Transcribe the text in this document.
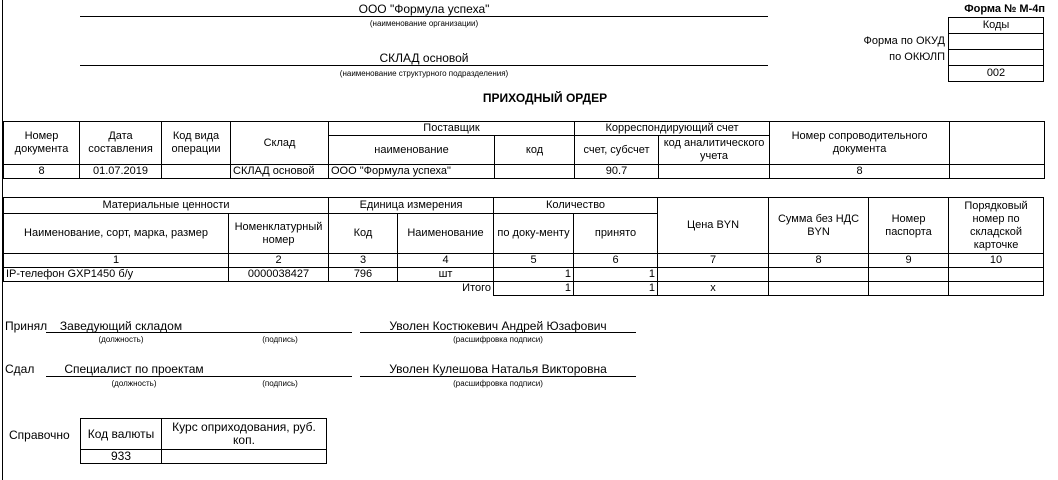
Форма № М-4п
Коды

002
Форма по ОКУД
по ОКЮЛП
ООО "Формула успеха"
(наименование организации)
СКЛАД основой
(наименование структурного подразделения)
ПРИХОДНЫЙ ОРДЕР
Номер документа	Дата составления	Код вида операции	Склад	Поставщик		Корреспондирующий счет		Номер сопроводительного документа	
				наименование	код	счет, субсчет	код аналитического учета		
8	01.07.2019		СКЛАД основой	ООО "Формула успеха"		90.7		8	
Материальные ценности		Единица измерения		Количество		Цена BYN	Сумма без НДС BYN	Номер паспорта	Порядковый номер по складской карточке
Наименование, сорт, марка, размер	Номенклатурный номер	Код	Наименование	по доку-менту	принято				
1	2	3	4	5	6	7	8	9	10
IP-телефон GXP1450 б/у	0000038427	796	шт	1	1				
			Итого	1	1	x			
Принял	Заведующий складом
(должность)	(подпись)
Уволен Костюкевич Андрей Юзафович
(расшифровка подписи)
Сдал	Специалист по проектам
(должность)	(подпись)
Уволен Кулешова Наталья Викторовна
(расшифровка подписи)
Справочно Код валюты	Курс оприходования, руб. коп.
933	
